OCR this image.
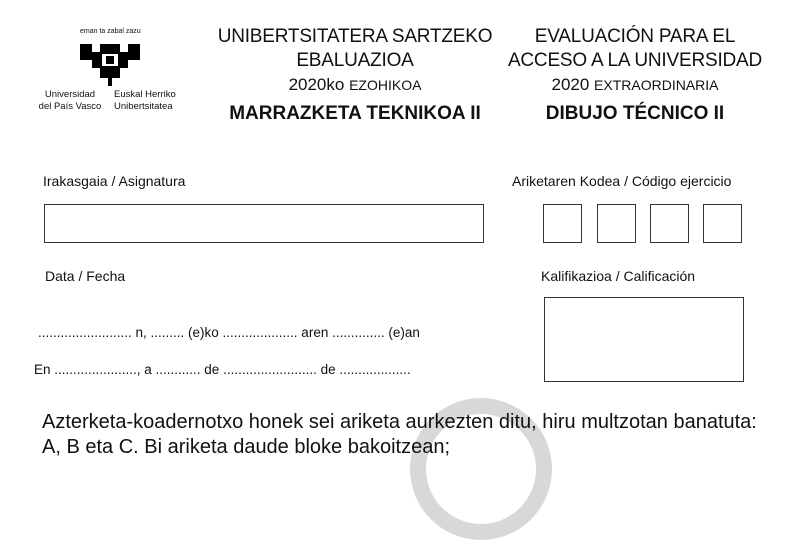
eman ta zabal zazu
Universidad
del País Vasco
Euskal Herriko
Unibertsitatea
UNIBERTSITATERA SARTZEKO
EBALUAZIOA
2020ko EZOHIKOA
MARRAZKETA TEKNIKOA II
EVALUACIÓN PARA EL
ACCESO A LA UNIVERSIDAD
2020 EXTRAORDINARIA
DIBUJO TÉCNICO II
Irakasgaia / Asignatura	Ariketaren Kodea / Código ejercicio
Data / Fecha	Kalifikazioa / Calificación
......................... n, ......... (e)ko .................... aren .............. (e)an
En ......................, a ............ de ......................... de ...................
Azterketa-koadernotxo honek sei ariketa aurkezten ditu, hiru multzotan banatuta: A, B eta C. Bi ariketa daude bloke bakoitzean;
